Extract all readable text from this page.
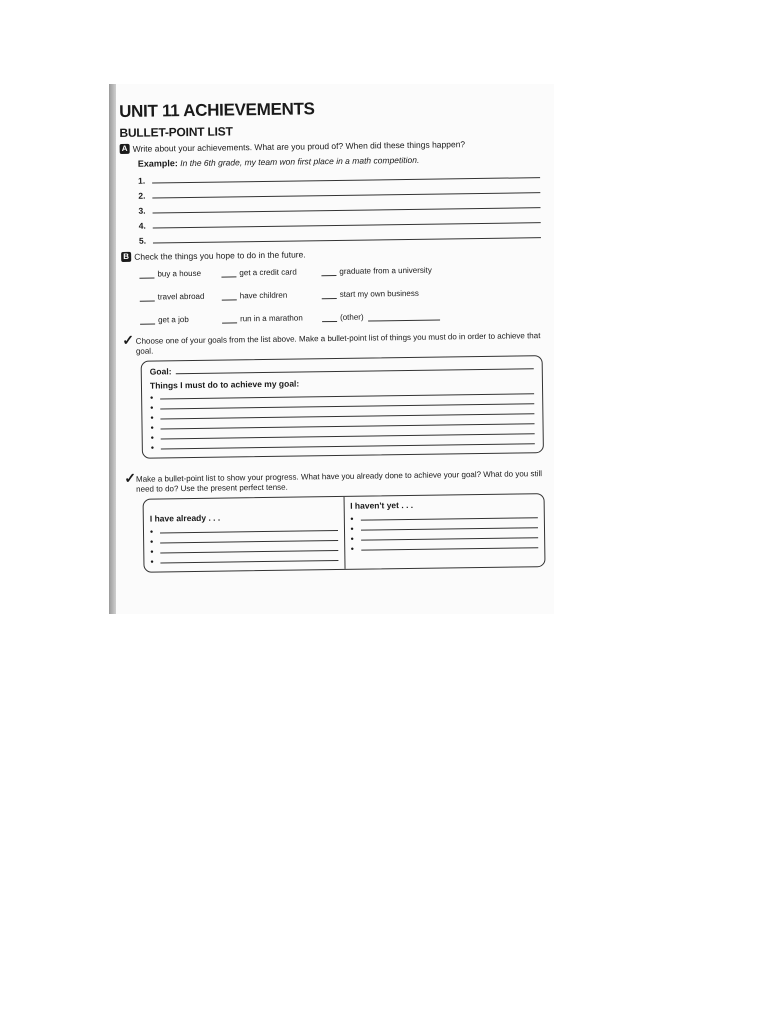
UNIT 11 ACHIEVEMENTS
BULLET-POINT LIST
A Write about your achievements. What are you proud of? When did these things happen?
Example: In the 6th grade, my team won first place in a math competition.
1.
2.
3.
4.
5.
B Check the things you hope to do in the future.
buy a house	get a credit card	graduate from a university
travel abroad	have children	start my own business
get a job	run in a marathon	(other)
✓ Choose one of your goals from the list above. Make a bullet-point list of things you must do in order to achieve that goal.
Goal:
Things I must do to achieve my goal:
•
•
•
•
•
•
✓ Make a bullet-point list to show your progress. What have you already done to achieve your goal? What do you still need to do? Use the present perfect tense.
I have already . . .
•
•
•
•
I haven't yet . . .
•
•
•
•
